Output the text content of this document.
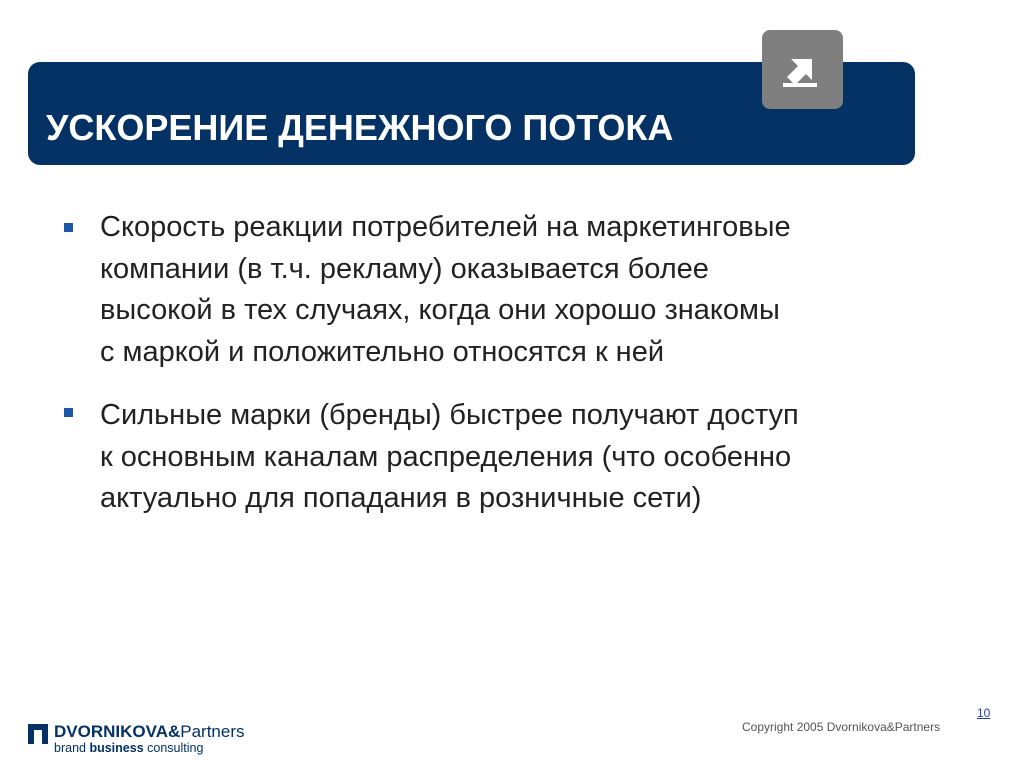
УСКОРЕНИЕ ДЕНЕЖНОГО ПОТОКА
Скорость реакции потребителей на маркетинговые
компании (в т.ч. рекламу) оказывается более
высокой в тех случаях, когда они хорошо знакомы
с маркой и положительно относятся к ней
Сильные марки (бренды) быстрее получают доступ
к основным каналам распределения (что особенно
актуально для попадания в розничные сети)
DVORNIKOVA&Partners
brand business consulting
Copyright 2005 Dvornikova&Partners
10
